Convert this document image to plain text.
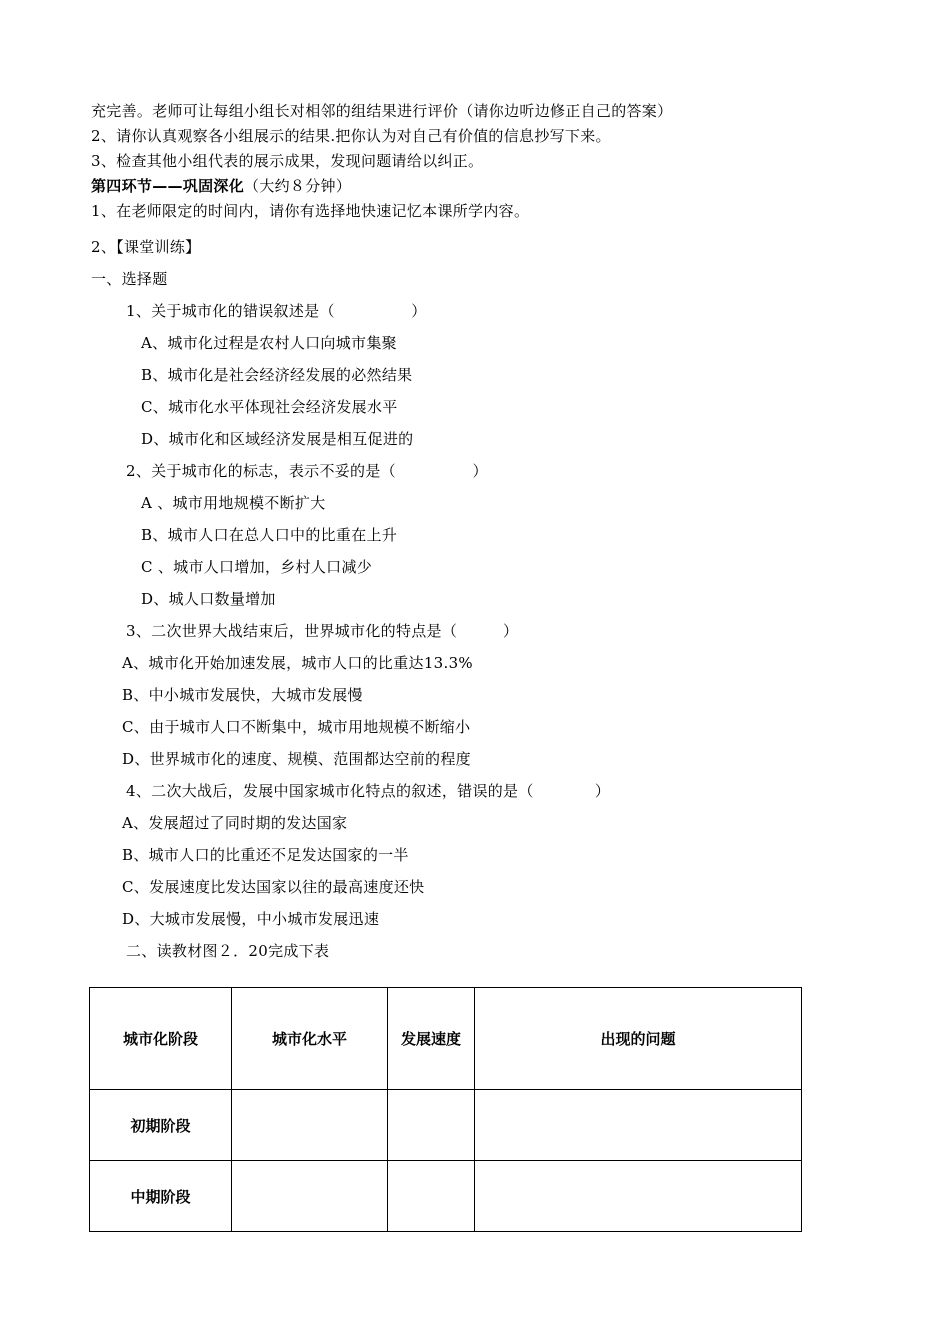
充完善。老师可让每组小组长对相邻的组结果进行评价（请你边听边修正自己的答案）
2、请你认真观察各小组展示的结果.把你认为对自己有价值的信息抄写下来。
3、检查其他小组代表的展示成果，发现问题请给以纠正。
第四环节——巩固深化（大约８分钟）
1、在老师限定的时间内，请你有选择地快速记忆本课所学内容。
2、【课堂训练】
一、选择题
1、关于城市化的错误叙述是（　　　　　）
A、城市化过程是农村人口向城市集聚
B、城市化是社会经济经发展的必然结果
C、城市化水平体现社会经济发展水平
D、城市化和区域经济发展是相互促进的
2、关于城市化的标志，表示不妥的是（　　　　　）
A 、城市用地规模不断扩大
B、城市人口在总人口中的比重在上升
C 、城市人口增加，乡村人口减少
D、城人口数量增加
3、二次世界大战结束后，世界城市化的特点是（　　　）
A、城市化开始加速发展，城市人口的比重达13.3%
B、中小城市发展快，大城市发展慢
C、由于城市人口不断集中，城市用地规模不断缩小
D、世界城市化的速度、规模、范围都达空前的程度
4、二次大战后，发展中国家城市化特点的叙述，错误的是（　　　　）
A、发展超过了同时期的发达国家
B、城市人口的比重还不足发达国家的一半
C、发展速度比发达国家以往的最高速度还快
D、大城市发展慢，中小城市发展迅速
二、读教材图２．20完成下表
城市化阶段	城市化水平	发展速度	出现的问题
初期阶段			
中期阶段			
